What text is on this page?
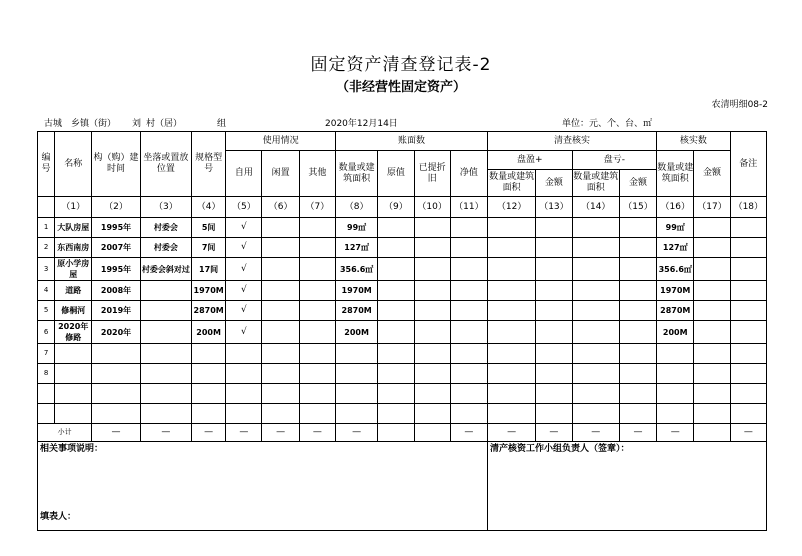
固定资产清查登记表-2
（非经营性固定资产）
农清明细08-2
古城 乡镇（街） 刘 村（居）	组	2020年12月14日	单位：元、个、台、㎡
编号	名称	构（购）建时间	坐落或置放位置	规格型号	使用情况			账面数				清查核实				核实数		备注
					自用	闲置	其他	数量或建筑面积	原值	已提折旧	净值	盘盈+		盘亏-		数量或建筑面积	金额	
												数量或建筑面积	金额	数量或建筑面积	金额			
	（1）	（2）	（3）	（4）	（5）	（6）	（7）	（8）	（9）	（10）	（11）	（12）	（13）	（14）	（15）	（16）	（17）	（18）
1	大队房屋	1995年	村委会	5间	√			99㎡								99㎡		
2	东西南房	2007年	村委会	7间	√			127㎡								127㎡		
3	原小学房屋	1995年	村委会斜对过	17间	√			356.6㎡								356.6㎡		
4	道路	2008年		1970M	√			1970M								1970M		
5	修桐河	2019年		2870M	√			2870M								2870M		
6	2020年修路	2020年		200M	√			200M								200M		
7																		
8																		

小计		—	—	—	—	—	—	—			—	—	—	—	—	—		—

相关事项说明：
填表人：												清产核资工作小组负责人（签章）：						
